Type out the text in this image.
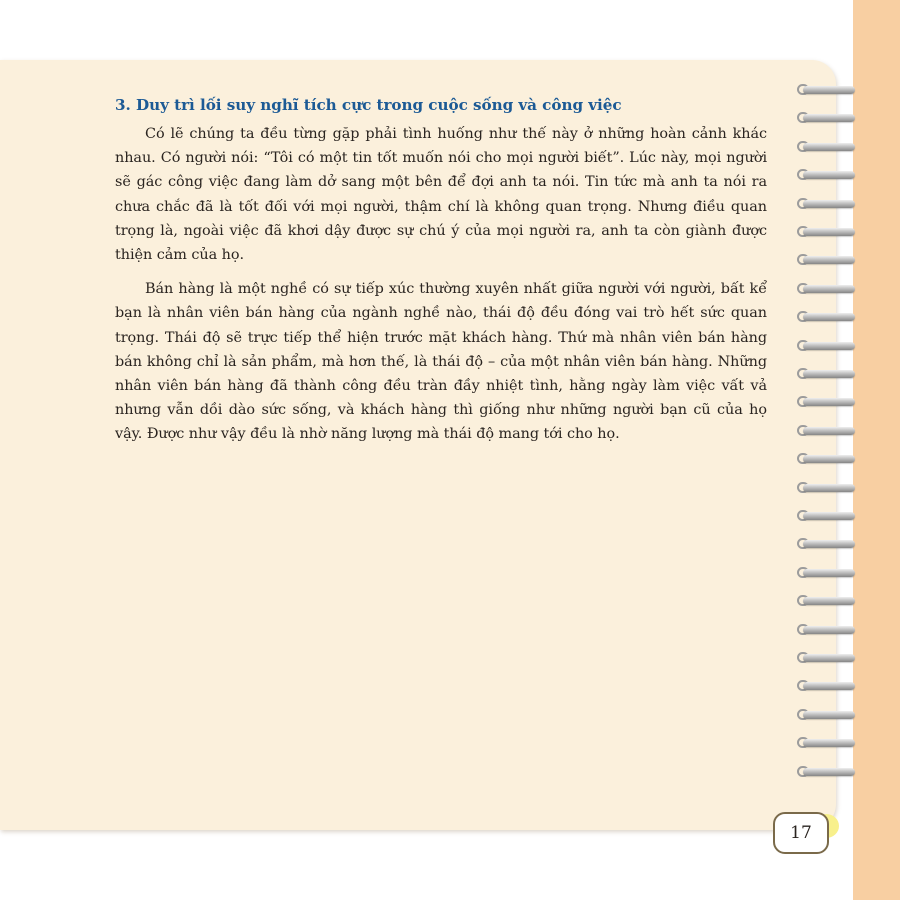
3. Duy trì lối suy nghĩ tích cực trong cuộc sống và công việc

Có lẽ chúng ta đều từng gặp phải tình huống như thế này ở những hoàn cảnh khác nhau. Có người nói: “Tôi có một tin tốt muốn nói cho mọi người biết”. Lúc này, mọi người sẽ gác công việc đang làm dở sang một bên để đợi anh ta nói. Tin tức mà anh ta nói ra chưa chắc đã là tốt đối với mọi người, thậm chí là không quan trọng. Nhưng điều quan trọng là, ngoài việc đã khơi dậy được sự chú ý của mọi người ra, anh ta còn giành được thiện cảm của họ.

Bán hàng là một nghề có sự tiếp xúc thường xuyên nhất giữa người với người, bất kể bạn là nhân viên bán hàng của ngành nghề nào, thái độ đều đóng vai trò hết sức quan trọng. Thái độ sẽ trực tiếp thể hiện trước mặt khách hàng. Thứ mà nhân viên bán hàng bán không chỉ là sản phẩm, mà hơn thế, là thái độ – của một nhân viên bán hàng. Những nhân viên bán hàng đã thành công đều tràn đầy nhiệt tình, hằng ngày làm việc vất vả nhưng vẫn dồi dào sức sống, và khách hàng thì giống như những người bạn cũ của họ vậy. Được như vậy đều là nhờ năng lượng mà thái độ mang tới cho họ.

17
